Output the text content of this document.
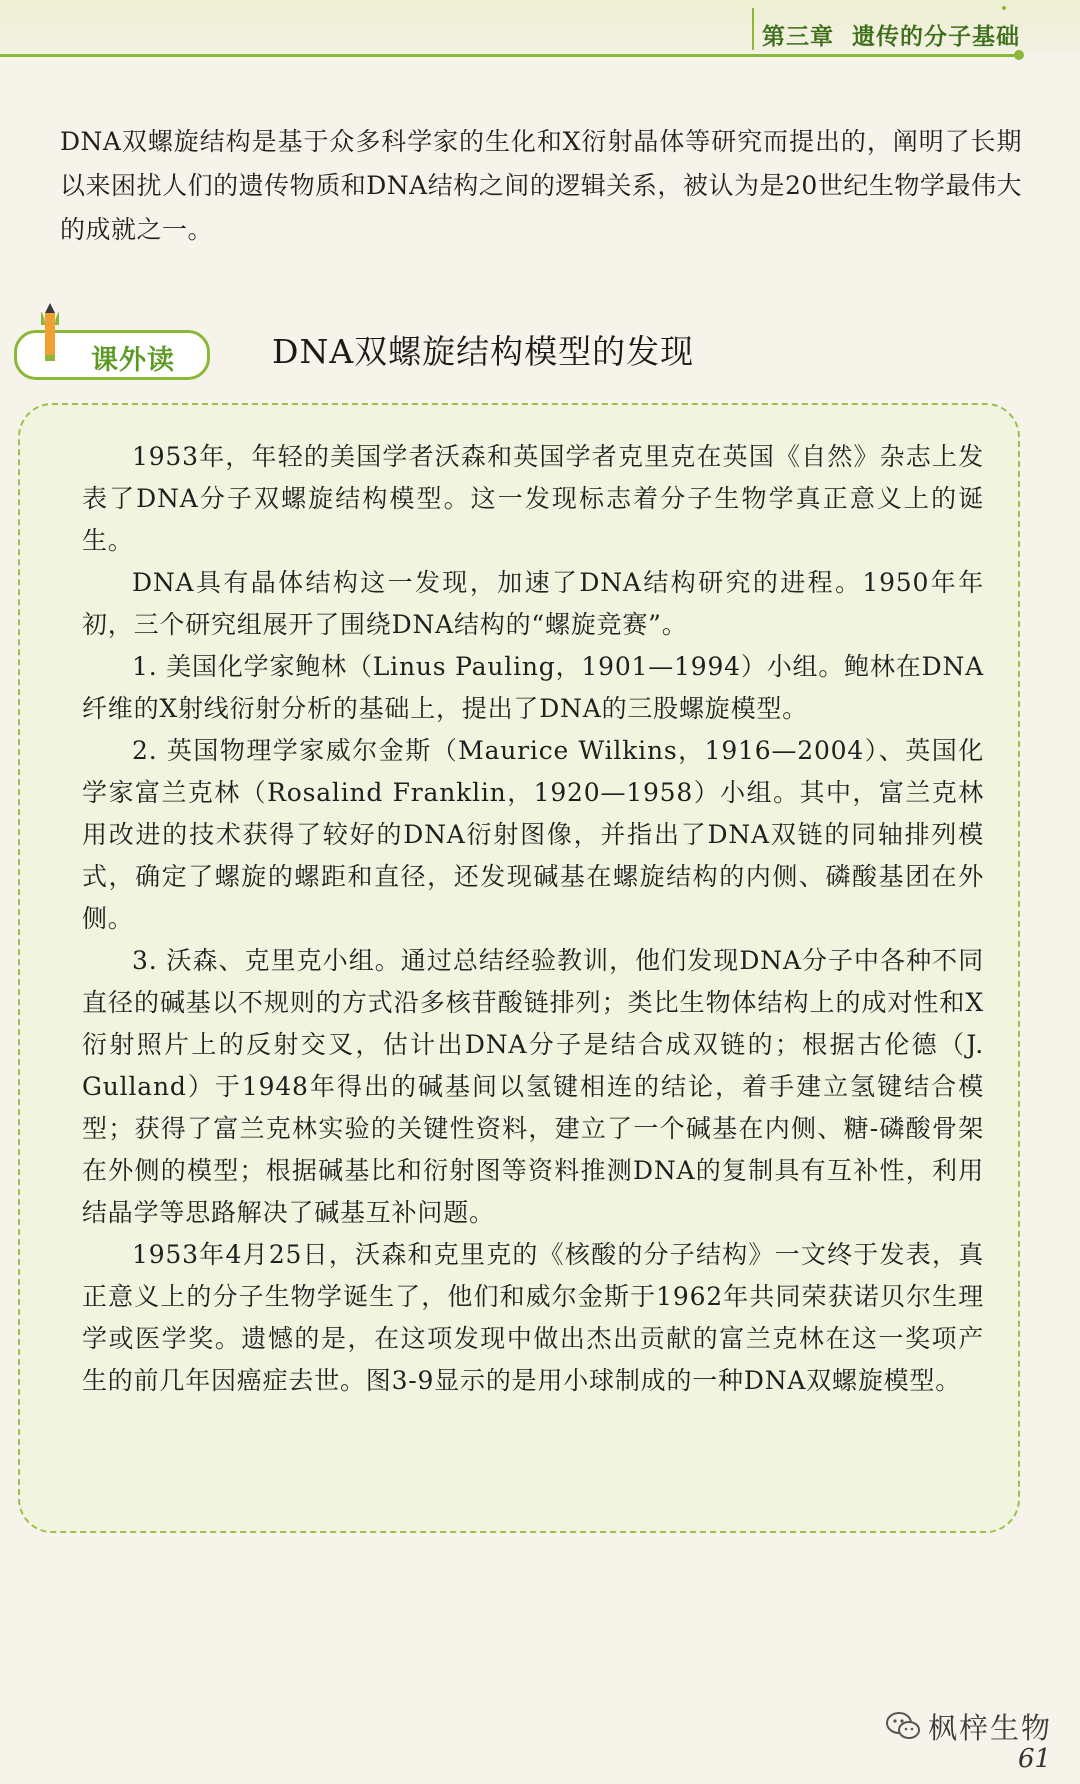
第三章 遗传的分子基础
DNA双螺旋结构是基于众多科学家的生化和X衍射晶体等研究而提出的，阐明了长期以来困扰人们的遗传物质和DNA结构之间的逻辑关系，被认为是20世纪生物学最伟大的成就之一。
课外读	DNA双螺旋结构模型的发现

1953年，年轻的美国学者沃森和英国学者克里克在英国《自然》杂志上发表了DNA分子双螺旋结构模型。这一发现标志着分子生物学真正意义上的诞生。

DNA具有晶体结构这一发现，加速了DNA结构研究的进程。1950年年初，三个研究组展开了围绕DNA结构的“螺旋竞赛”。

1. 美国化学家鲍林（Linus Pauling，1901—1994）小组。鲍林在DNA纤维的X射线衍射分析的基础上，提出了DNA的三股螺旋模型。

2. 英国物理学家威尔金斯（Maurice Wilkins，1916—2004）、英国化学家富兰克林（Rosalind Franklin，1920—1958）小组。其中，富兰克林用改进的技术获得了较好的DNA衍射图像，并指出了DNA双链的同轴排列模式，确定了螺旋的螺距和直径，还发现碱基在螺旋结构的内侧、磷酸基团在外侧。

3. 沃森、克里克小组。通过总结经验教训，他们发现DNA分子中各种不同直径的碱基以不规则的方式沿多核苷酸链排列；类比生物体结构上的成对性和X衍射照片上的反射交叉，估计出DNA分子是结合成双链的；根据古伦德（J. Gulland）于1948年得出的碱基间以氢键相连的结论，着手建立氢键结合模型；获得了富兰克林实验的关键性资料，建立了一个碱基在内侧、糖-磷酸骨架在外侧的模型；根据碱基比和衍射图等资料推测DNA的复制具有互补性，利用结晶学等思路解决了碱基互补问题。

1953年4月25日，沃森和克里克的《核酸的分子结构》一文终于发表，真正意义上的分子生物学诞生了，他们和威尔金斯于1962年共同荣获诺贝尔生理学或医学奖。遗憾的是，在这项发现中做出杰出贡献的富兰克林在这一奖项产生的前几年因癌症去世。图3-9显示的是用小球制成的一种DNA双螺旋模型。

枫梓生物
61
